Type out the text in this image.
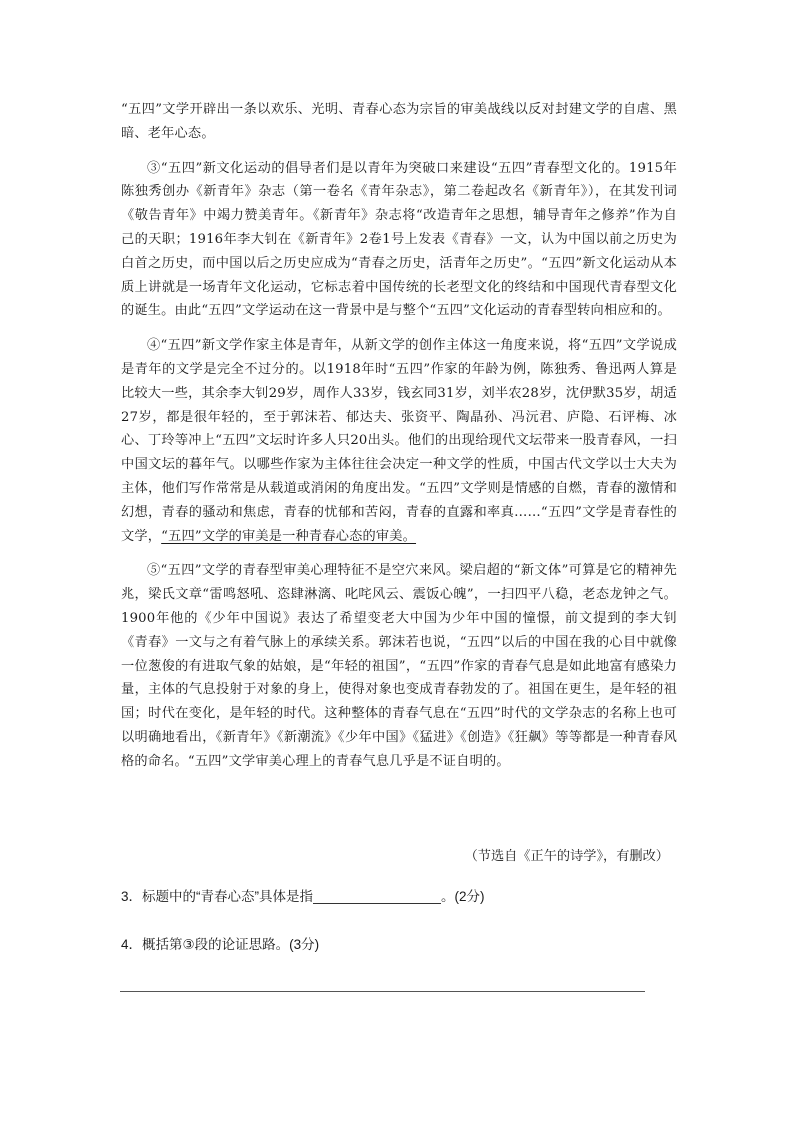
“五四”文学开辟出一条以欢乐、光明、青春心态为宗旨的审美战线以反对封建文学的自虐、黑暗、老年心态。

③“五四”新文化运动的倡导者们是以青年为突破口来建设“五四”青春型文化的。1915年陈独秀创办《新青年》杂志（第一卷名《青年杂志》，第二卷起改名《新青年》），在其发刊词《敬告青年》中竭力赞美青年。《新青年》杂志将“改造青年之思想，辅导青年之修养”作为自己的天职；1916年李大钊在《新青年》2卷1号上发表《青春》一文，认为中国以前之历史为白首之历史，而中国以后之历史应成为“青春之历史，活青年之历史”。“五四”新文化运动从本质上讲就是一场青年文化运动，它标志着中国传统的长老型文化的终结和中国现代青春型文化的诞生。由此“五四”文学运动在这一背景中是与整个“五四”文化运动的青春型转向相应和的。

④“五四”新文学作家主体是青年，从新文学的创作主体这一角度来说，将“五四”文学说成是青年的文学是完全不过分的。以1918年时“五四”作家的年龄为例，陈独秀、鲁迅两人算是比较大一些，其余李大钊29岁，周作人33岁，钱玄同31岁，刘半农28岁，沈伊默35岁，胡适27岁，都是很年轻的，至于郭沫若、郁达夫、张资平、陶晶孙、冯沅君、庐隐、石评梅、冰心、丁玲等冲上“五四”文坛时许多人只20出头。他们的出现给现代文坛带来一股青春风，一扫中国文坛的暮年气。以哪些作家为主体往往会决定一种文学的性质，中国古代文学以士大夫为主体，他们写作常常是从载道或消闲的角度出发。“五四”文学则是情感的自燃，青春的激情和幻想，青春的骚动和焦虑，青春的忧郁和苦闷，青春的直露和率真……“五四”文学是青春性的文学，“五四”文学的审美是一种青春心态的审美。

⑤“五四”文学的青春型审美心理特征不是空穴来风。梁启超的“新文体”可算是它的精神先兆，梁氏文章“雷鸣怒吼、恣肆淋漓、叱咤风云、震饭心魄”，一扫四平八稳，老态龙钟之气。1900年他的《少年中国说》表达了希望变老大中国为少年中国的憧憬，前文提到的李大钊《青春》一文与之有着气脉上的承续关系。郭沫若也说，“五四”以后的中国在我的心目中就像一位葱俊的有进取气象的姑娘，是“年轻的祖国”，“五四”作家的青春气息是如此地富有感染力量，主体的气息投射于对象的身上，使得对象也变成青春勃发的了。祖国在更生，是年轻的祖国；时代在变化，是年轻的时代。这种整体的青春气息在“五四”时代的文学杂志的名称上也可以明确地看出，《新青年》《新潮流》《少年中国》《猛进》《创造》《狂飙》等等都是一种青春风格的命名。“五四”文学审美心理上的青春气息几乎是不证自明的。

（节选自《正午的诗学》，有删改）
3．标题中的“青春心态”具体是指	。(2分)
4．概括第③段的论证思路。(3分)
